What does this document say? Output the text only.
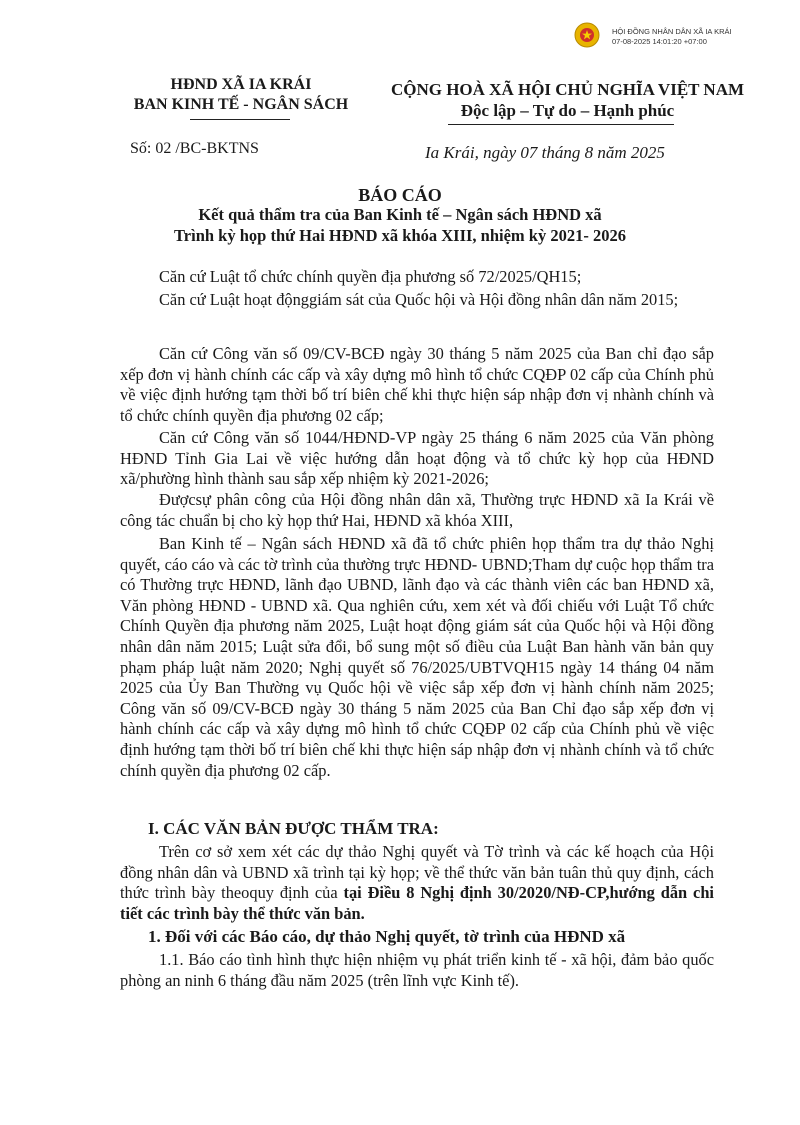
HỘI ĐỒNG NHÂN DÂN XÃ IA KRÁI
07-08-2025 14:01:20 +07:00
HĐND XÃ IA KRÁI
BAN KINH TẾ - NGÂN SÁCH
Số: 02 /BC-BKTNS
CỘNG HOÀ XÃ HỘI CHỦ NGHĨA VIỆT NAM
Độc lập – Tự do – Hạnh phúc
Ia Krái, ngày 07 tháng 8 năm 2025
BÁO CÁO
Kết quả thẩm tra của Ban Kinh tế – Ngân sách HĐND xã
Trình kỳ họp thứ Hai HĐND xã khóa XIII, nhiệm kỳ 2021- 2026

Căn cứ Luật tổ chức chính quyền địa phương số 72/2025/QH15;

Căn cứ Luật hoạt độnggiám sát của Quốc hội và Hội đồng nhân dân năm 2015;

Căn cứ Công văn số 09/CV-BCĐ ngày 30 tháng 5 năm 2025 của Ban chỉ đạo sắp xếp đơn vị hành chính các cấp và xây dựng mô hình tổ chức CQĐP 02 cấp của Chính phủ về việc định hướng tạm thời bố trí biên chế khi thực hiện sáp nhập đơn vị nhành chính và tổ chức chính quyền địa phương 02 cấp;

Căn cứ Công văn số 1044/HĐND-VP ngày 25 tháng 6 năm 2025 của Văn phòng HĐND Tỉnh Gia Lai về việc hướng dẫn hoạt động và tổ chức kỳ họp của HĐND xã/phường hình thành sau sắp xếp nhiệm kỳ 2021-2026;

Đượcsự phân công của Hội đồng nhân dân xã, Thường trực HĐND xã Ia Krái về công tác chuẩn bị cho kỳ họp thứ Hai, HĐND xã khóa XIII,

Ban Kinh tế – Ngân sách HĐND xã đã tổ chức phiên họp thẩm tra dự thảo Nghị quyết, cáo cáo và các tờ trình của thường trực HĐND- UBND;Tham dự cuộc họp thẩm tra có Thường trực HĐND, lãnh đạo UBND, lãnh đạo và các thành viên các ban HĐND xã, Văn phòng HĐND - UBND xã. Qua nghiên cứu, xem xét và đối chiếu với Luật Tổ chức Chính Quyền địa phương năm 2025, Luật hoạt động giám sát của Quốc hội và Hội đồng nhân dân năm 2015; Luật sửa đổi, bổ sung một số điều của Luật Ban hành văn bản quy phạm pháp luật năm 2020; Nghị quyết số 76/2025/UBTVQH15 ngày 14 tháng 04 năm 2025 của Ủy Ban Thường vụ Quốc hội về việc sắp xếp đơn vị hành chính năm 2025; Công văn số 09/CV-BCĐ ngày 30 tháng 5 năm 2025 của Ban Chỉ đạo sắp xếp đơn vị hành chính các cấp và xây dựng mô hình tổ chức CQĐP 02 cấp của Chính phủ về việc định hướng tạm thời bố trí biên chế khi thực hiện sáp nhập đơn vị nhành chính và tổ chức chính quyền địa phương 02 cấp.

I. CÁC VĂN BẢN ĐƯỢC THẨM TRA:

Trên cơ sở xem xét các dự thảo Nghị quyết và Tờ trình và các kế hoạch của Hội đồng nhân dân và UBND xã trình tại kỳ họp; về thể thức văn bản tuân thủ quy định, cách thức trình bày theoquy định của tại Điều 8 Nghị định 30/2020/NĐ-CP,hướng dẫn chi tiết các trình bày thể thức văn bản.

1. Đối với các Báo cáo, dự thảo Nghị quyết, tờ trình của HĐND xã

1.1. Báo cáo tình hình thực hiện nhiệm vụ phát triển kinh tế - xã hội, đảm bảo quốc phòng an ninh 6 tháng đầu năm 2025 (trên lĩnh vực Kinh tế).
